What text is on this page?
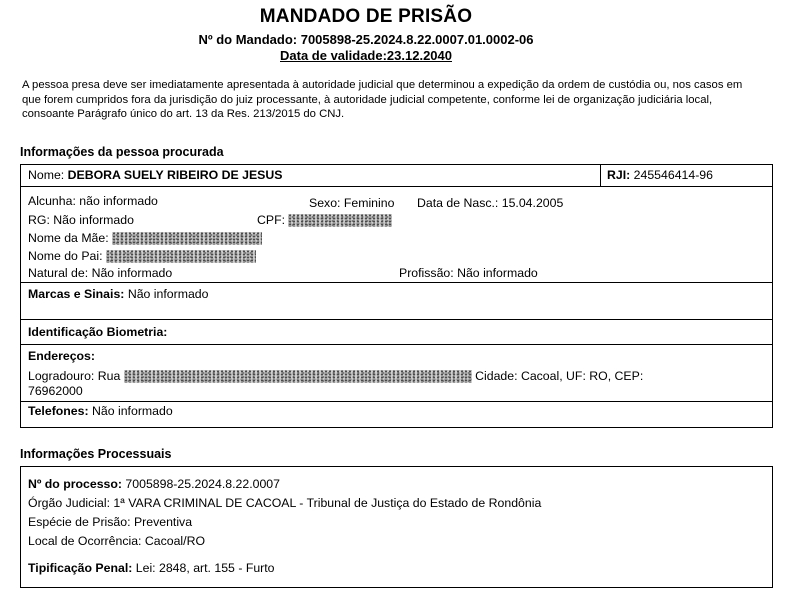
MANDADO DE PRISÃO
Nº do Mandado: 7005898-25.2024.8.22.0007.01.0002-06
Data de validade:23.12.2040
A pessoa presa deve ser imediatamente apresentada à autoridade judicial que determinou a expedição da ordem de custódia ou, nos casos em que forem cumpridos fora da jurisdição do juiz processante, à autoridade judicial competente, conforme lei de organização judiciária local, consoante Parágrafo único do art. 13 da Res. 213/2015 do CNJ.
Informações da pessoa procurada
Nome: DEBORA SUELY RIBEIRO DE JESUS	RJI: 245546414-96
Alcunha: não informado	Sexo: Feminino Data de Nasc.: 15.04.2005
RG: Não informado	CPF:
Nome da Mãe:
Nome do Pai:
Natural de: Não informado	Profissão: Não informado
Marcas e Sinais: Não informado
Identificação Biometria:
Endereços:
Logradouro: Rua	Cidade: Cacoal, UF: RO, CEP:
76962000
Telefones: Não informado
Informações Processuais
Nº do processo: 7005898-25.2024.8.22.0007
Órgão Judicial: 1ª VARA CRIMINAL DE CACOAL - Tribunal de Justiça do Estado de Rondônia
Espécie de Prisão: Preventiva
Local de Ocorrência: Cacoal/RO
Tipificação Penal: Lei: 2848, art. 155 - Furto
